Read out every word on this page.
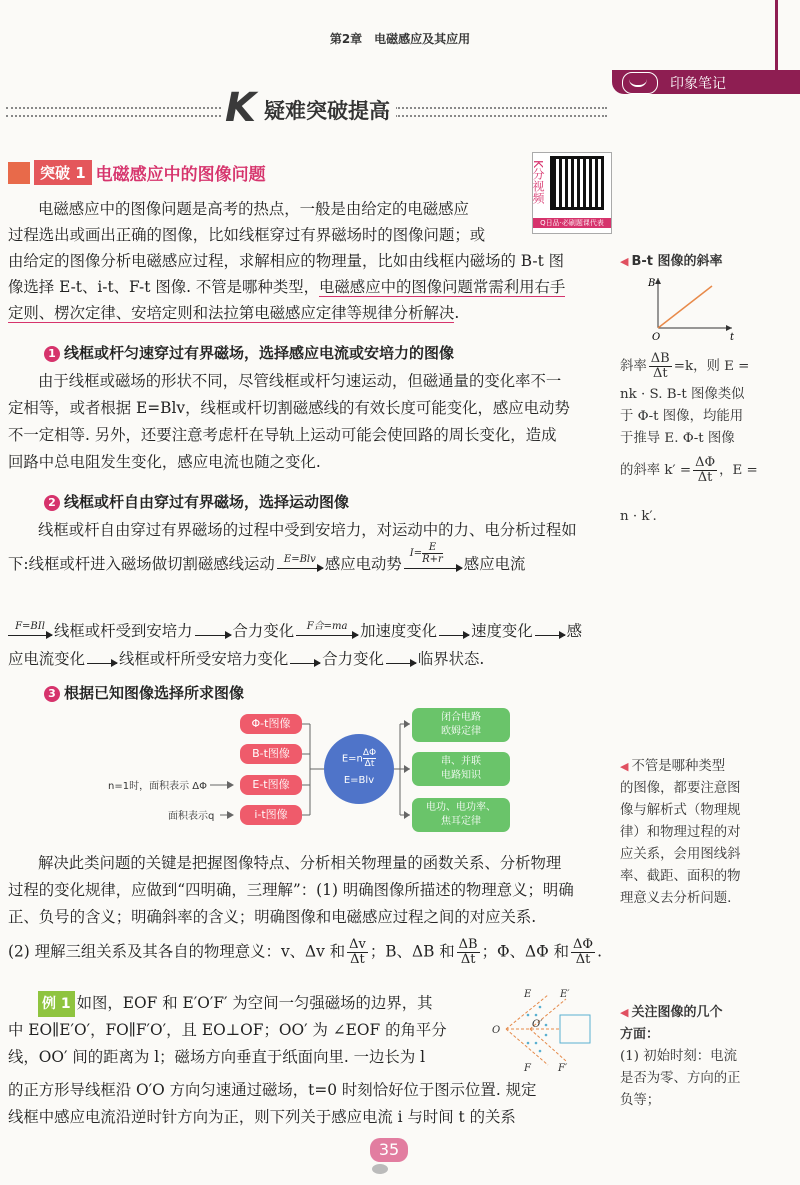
第2章　电磁感应及其应用
印象笔记
K 疑难突破提高
突破 1 电磁感应中的图像问题	K分视频
Q日品·必刷题课代表
电磁感应中的图像问题是高考的热点，一般是由给定的电磁感应
过程选出或画出正确的图像，比如线框穿过有界磁场时的图像问题；或
由给定的图像分析电磁感应过程，求解相应的物理量，比如由线框内磁场的 B-t 图
像选择 E-t、i-t、F-t 图像. 不管是哪种类型，电磁感应中的图像问题常需利用右手
定则、楞次定律、安培定则和法拉第电磁感应定律等规律分析解决.
1 线框或杆匀速穿过有界磁场，选择感应电流或安培力的图像
由于线框或磁场的形状不同，尽管线框或杆匀速运动，但磁通量的变化率不一
定相等，或者根据 E=Blv，线框或杆切割磁感线的有效长度可能变化，感应电动势
不一定相等. 另外，还要注意考虑杆在导轨上运动可能会使回路的周长变化，造成
回路中总电阻发生变化，感应电流也随之变化.
2 线框或杆自由穿过有界磁场，选择运动图像
线框或杆自由穿过有界磁场的过程中受到安培力，对运动中的力、电分析过程如
下:线框或杆进入磁场做切割磁感线运动 E=Blv 感应电动势
$I= \frac{E}{R+r}$ 感应电流
F=BIl 线框或杆受到安培力	合力变化 F合=ma 加速度变化 速度变化 感
应电流变化 线框或杆所受安培力变化 合力变化 临界状态.
3 根据已知图像选择所求图像
Φ-t图像
B-t图像
E-t图像
i-t图像
$E=n \frac{\Delta\Phi}{\Delta t}$
E=Blv
闭合电路
欧姆定律
串、并联
电路知识
电功、电功率、
焦耳定律
n=1时，面积表示 ΔΦ
面积表示q
解决此类问题的关键是把握图像特点、分析相关物理量的函数关系、分析物理
过程的变化规律，应做到“四明确，三理解”：(1) 明确图像所描述的物理意义；明确
正、负号的含义；明确斜率的含义；明确图像和电磁感应过程之间的对应关系.
(2) 理解三组关系及其各自的物理意义：v、Δv 和 $\frac{\Delta v}{\Delta t}$ ；B、ΔB 和 $\frac{\Delta B}{\Delta t}$ ；Φ、ΔΦ 和 $\frac{\Delta\Phi}{\Delta t}$ .
例 1 如图，EOF 和 E′O′F′ 为空间一匀强磁场的边界，其
中 EO∥E′O′，FO∥F′O′，且 EO⊥OF；OO′ 为 ∠EOF 的角平分
线，OO′ 间的距离为 l；磁场方向垂直于纸面向里. 一边长为 l
的正方形导线框沿 O′O 方向匀速通过磁场，t=0 时刻恰好位于图示位置. 规定
线框中感应电流沿逆时针方向为正，则下列关于感应电流 i 与时间 t 的关系
E	E′
O
O′
F	F′
◀ B-t 图像的斜率
B
O	t
斜率 $\frac{\Delta B}{\Delta t} =k$，则 E =
nk · S. B-t 图像类似
于 Φ-t 图像，均能用
于推导 E. Φ-t 图像
的斜率 $k' = \frac{\Delta\Phi}{\Delta t}$ ，E =
n · k′.
◀ 不管是哪种类型
的图像，都要注意图
像与解析式（物理规
律）和物理过程的对
应关系，会用图线斜
率、截距、面积的物
理意义去分析问题.
◀ 关注图像的几个
方面：
(1) 初始时刻：电流
是否为零、方向的正
负等；
35
